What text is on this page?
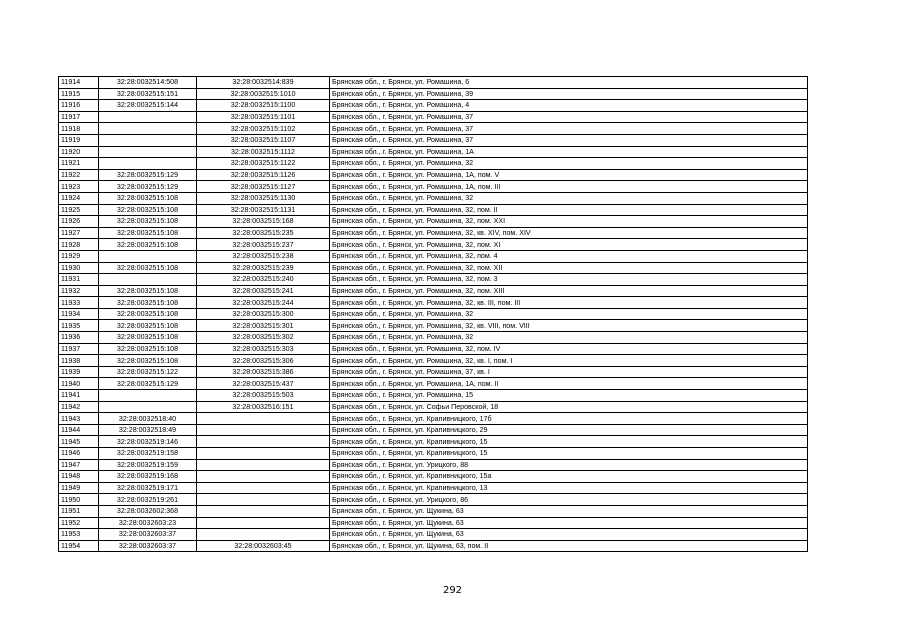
11914	32:28:0032514:508	32:28:0032514:839	Брянская обл., г. Брянск, ул. Ромашина, 6
11915	32:28:0032515:151	32:28:0032515:1010	Брянская обл., г. Брянск, ул. Ромашина, 39
11916	32:28:0032515:144	32:28:0032515:1100	Брянская обл., г. Брянск, ул. Ромашина, 4
11917		32:28:0032515:1101	Брянская обл., г. Брянск, ул. Ромашина, 37
11918		32:28:0032515:1102	Брянская обл., г. Брянск, ул. Ромашина, 37
11919		32:28:0032515:1107	Брянская обл., г. Брянск, ул. Ромашина, 37
11920		32:28:0032515:1112	Брянская обл., г. Брянск, ул. Ромашина, 1А
11921		32:28:0032515:1122	Брянская обл., г. Брянск, ул. Ромашина, 32
11922	32:28:0032515:129	32:28:0032515:1126	Брянская обл., г. Брянск, ул. Ромашина, 1А, пом. V
11923	32:28:0032515:129	32:28:0032515:1127	Брянская обл., г. Брянск, ул. Ромашина, 1А, пом. III
11924	32:28:0032515:108	32:28:0032515:1130	Брянская обл., г. Брянск, ул. Ромашина, 32
11925	32:28:0032515:108	32:28:0032515:1131	Брянская обл., г. Брянск, ул. Ромашина, 32, пом. II
11926	32:28:0032515:108	32:28:0032515:168	Брянская обл., г. Брянск, ул. Ромашина, 32, пом. XXI
11927	32:28:0032515:108	32:28:0032515:235	Брянская обл., г. Брянск, ул. Ромашина, 32, кв. XIV, пом. XIV
11928	32:28:0032515:108	32:28:0032515:237	Брянская обл., г. Брянск, ул. Ромашина, 32, пом. XI
11929		32:28:0032515:238	Брянская обл., г. Брянск, ул. Ромашина, 32, пом. 4
11930	32:28:0032515:108	32:28:0032515:239	Брянская обл., г. Брянск, ул. Ромашина, 32, пом. XII
11931		32:28:0032515:240	Брянская обл., г. Брянск, ул. Ромашина, 32, пом. 3
11932	32:28:0032515:108	32:28:0032515:241	Брянская обл., г. Брянск, ул. Ромашина, 32, пом. XIII
11933	32:28:0032515:108	32:28:0032515:244	Брянская обл., г. Брянск, ул. Ромашина, 32, кв. III, пом. III
11934	32:28:0032515:108	32:28:0032515:300	Брянская обл., г. Брянск, ул. Ромашина, 32
11935	32:28:0032515:108	32:28:0032515:301	Брянская обл., г. Брянск, ул. Ромашина, 32, кв. VIII, пом. VIII
11936	32:28:0032515:108	32:28:0032515:302	Брянская обл., г. Брянск, ул. Ромашина, 32
11937	32:28:0032515:108	32:28:0032515:303	Брянская обл., г. Брянск, ул. Ромашина, 32, пом. IV
11938	32:28:0032515:108	32:28:0032515:306	Брянская обл., г. Брянск, ул. Ромашина, 32, кв. I, пом. I
11939	32:28:0032515:122	32:28:0032515:386	Брянская обл., г. Брянск, ул. Ромашина, 37, кв. I
11940	32:28:0032515:129	32:28:0032515:437	Брянская обл., г. Брянск, ул. Ромашина, 1А, пом. II
11941		32:28:0032515:503	Брянская обл., г. Брянск, ул. Ромашина, 15
11942		32:28:0032516:151	Брянская обл., г. Брянск, ул. Софьи Перовской, 18
11943	32:28:0032518:40		Брянская обл., г. Брянск, ул. Крапивницкого, 17б
11944	32:28:0032518:49		Брянская обл., г. Брянск, ул. Крапивницкого, 29
11945	32:28:0032519:146		Брянская обл., г. Брянск, ул. Крапивницкого, 15
11946	32:28:0032519:158		Брянская обл., г. Брянск, ул. Крапивницкого, 15
11947	32:28:0032519:159		Брянская обл., г. Брянск, ул. Урицкого, 88
11948	32:28:0032519:168		Брянская обл., г. Брянск, ул. Крапивницкого, 15а
11949	32:28:0032519:171		Брянская обл., г. Брянск, ул. Крапивницкого, 13
11950	32:28:0032519:261		Брянская обл., г. Брянск, ул. Урицкого, 86
11951	32:28:0032602:368		Брянская обл., г. Брянск, ул. Щукина, 63
11952	32:28:0032603:23		Брянская обл., г. Брянск, ул. Щукина, 63
11953	32:28:0032603:37		Брянская обл., г. Брянск, ул. Щукина, 63
11954	32:28:0032603:37	32:28:0032603:45	Брянская обл., г. Брянск, ул. Щукина, 63, пом. II
292
